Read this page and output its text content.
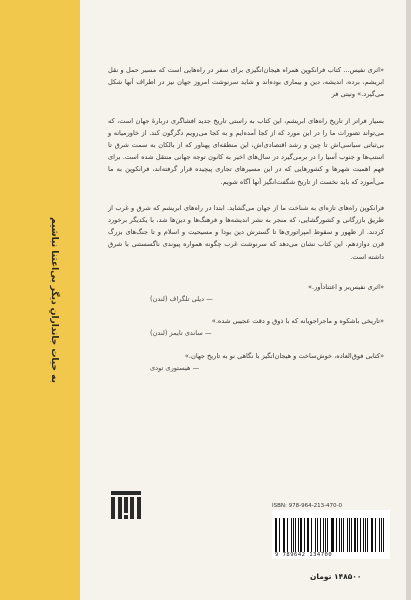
به حیات جاندارانِ دیگر بی‌اعتنا نباشیم

«اثری نفیس... کتاب فرانکوپن همراه هیجان‌انگیزی برای سفر در راه‌هایی است که مسیر حمل و نقل ابریشم، برده، اندیشه، دین و بیماری بوده‌اند و شاید سرنوشت امروز جهان نیز در اطراف آنها شکل می‌گیرد.» ونیتی فر

بسیار فراتر از تاریخ راه‌های ابریشم، این کتاب به راستی تاریخ جدید افشاگری دربارهٔ جهان است، که می‌تواند تصورات ما را در این مورد که از کجا آمده‌ایم و به کجا می‌رویم دگرگون کند. از خاورمیانه و بی‌ثباتی سیاسی‌اش تا چین و رشد اقتصادی‌اش، این منطقه‌ای پهناور که از بالکان به سمت شرق تا استپ‌ها و جنوب آسیا را در برمی‌گیرد در سال‌های اخیر به کانون توجه جهانی منتقل شده است. برای فهم اهمیت شهرها و کشورهایی که در این مسیرهای تجاری پیچیده قرار گرفته‌اند، فرانکوپن به ما می‌آموزد که باید نخست از تاریخ شگفت‌انگیز آنها آگاه شویم.

فرانکوپن راه‌های تازه‌ای به شناخت ما از جهان می‌گشاید. ابتدا در راه‌های ابریشم که شرق و غرب از طریق بازرگانی و کشورگشایی، که منجر به نشر اندیشه‌ها و فرهنگ‌ها و دین‌ها شد، با یکدیگر برخورد کردند. از ظهور و سقوط امپراتوری‌ها تا گسترش دین بودا و مسیحیت و اسلام و تا جنگ‌های بزرگ قرن دوازدهم. این کتاب نشان می‌دهد که سرنوشت غرب چگونه همواره پیوندی ناگسستنی با شرق داشته است.

«اثری نفیس‌بر و اعتنادآور.»

— دیلی تلگراف (لندن)

«تاریخی باشکوه و ماجراجویانه که با ذوق و دقت عجیبی شده.»

— ساندی تایمز (لندن)

«کتابی فوق‌العاده، خوش‌ساخت و هیجان‌انگیز با نگاهی نو به تاریخ جهان.»

— هیستوری تودی

ISBN: 978-964-213-470-0
9 789642 134700
۱۴۸۵۰۰ تومان
